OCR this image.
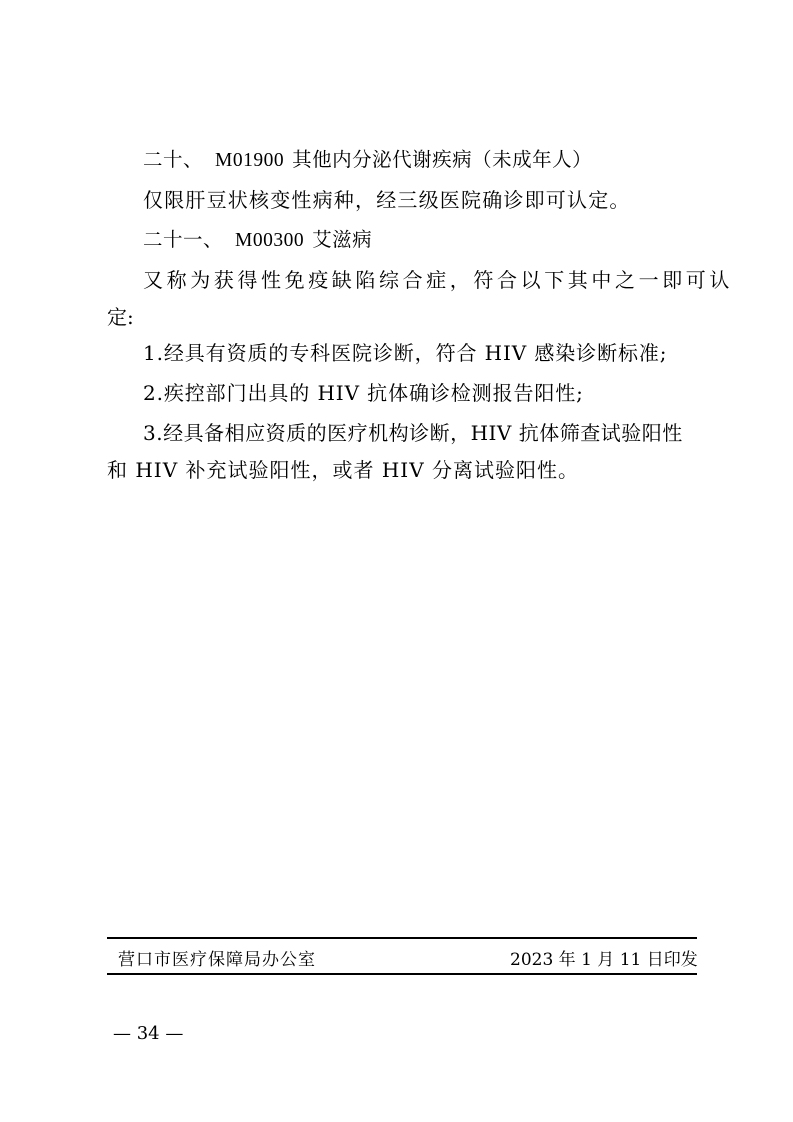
二十、 M01900 其他内分泌代谢疾病（未成年人）

仅限肝豆状核变性病种，经三级医院确诊即可认定。

二十一、 M00300 艾滋病

又称为获得性免疫缺陷综合症，符合以下其中之一即可认

定:

1.经具有资质的专科医院诊断，符合 HIV 感染诊断标准;

2.疾控部门出具的 HIV 抗体确诊检测报告阳性;

3.经具备相应资质的医疗机构诊断，HIV 抗体筛查试验阳性

和 HIV 补充试验阳性，或者 HIV 分离试验阳性。

营口市医疗保障局办公室	2023 年 1 月 11 日印发
— 34 —
